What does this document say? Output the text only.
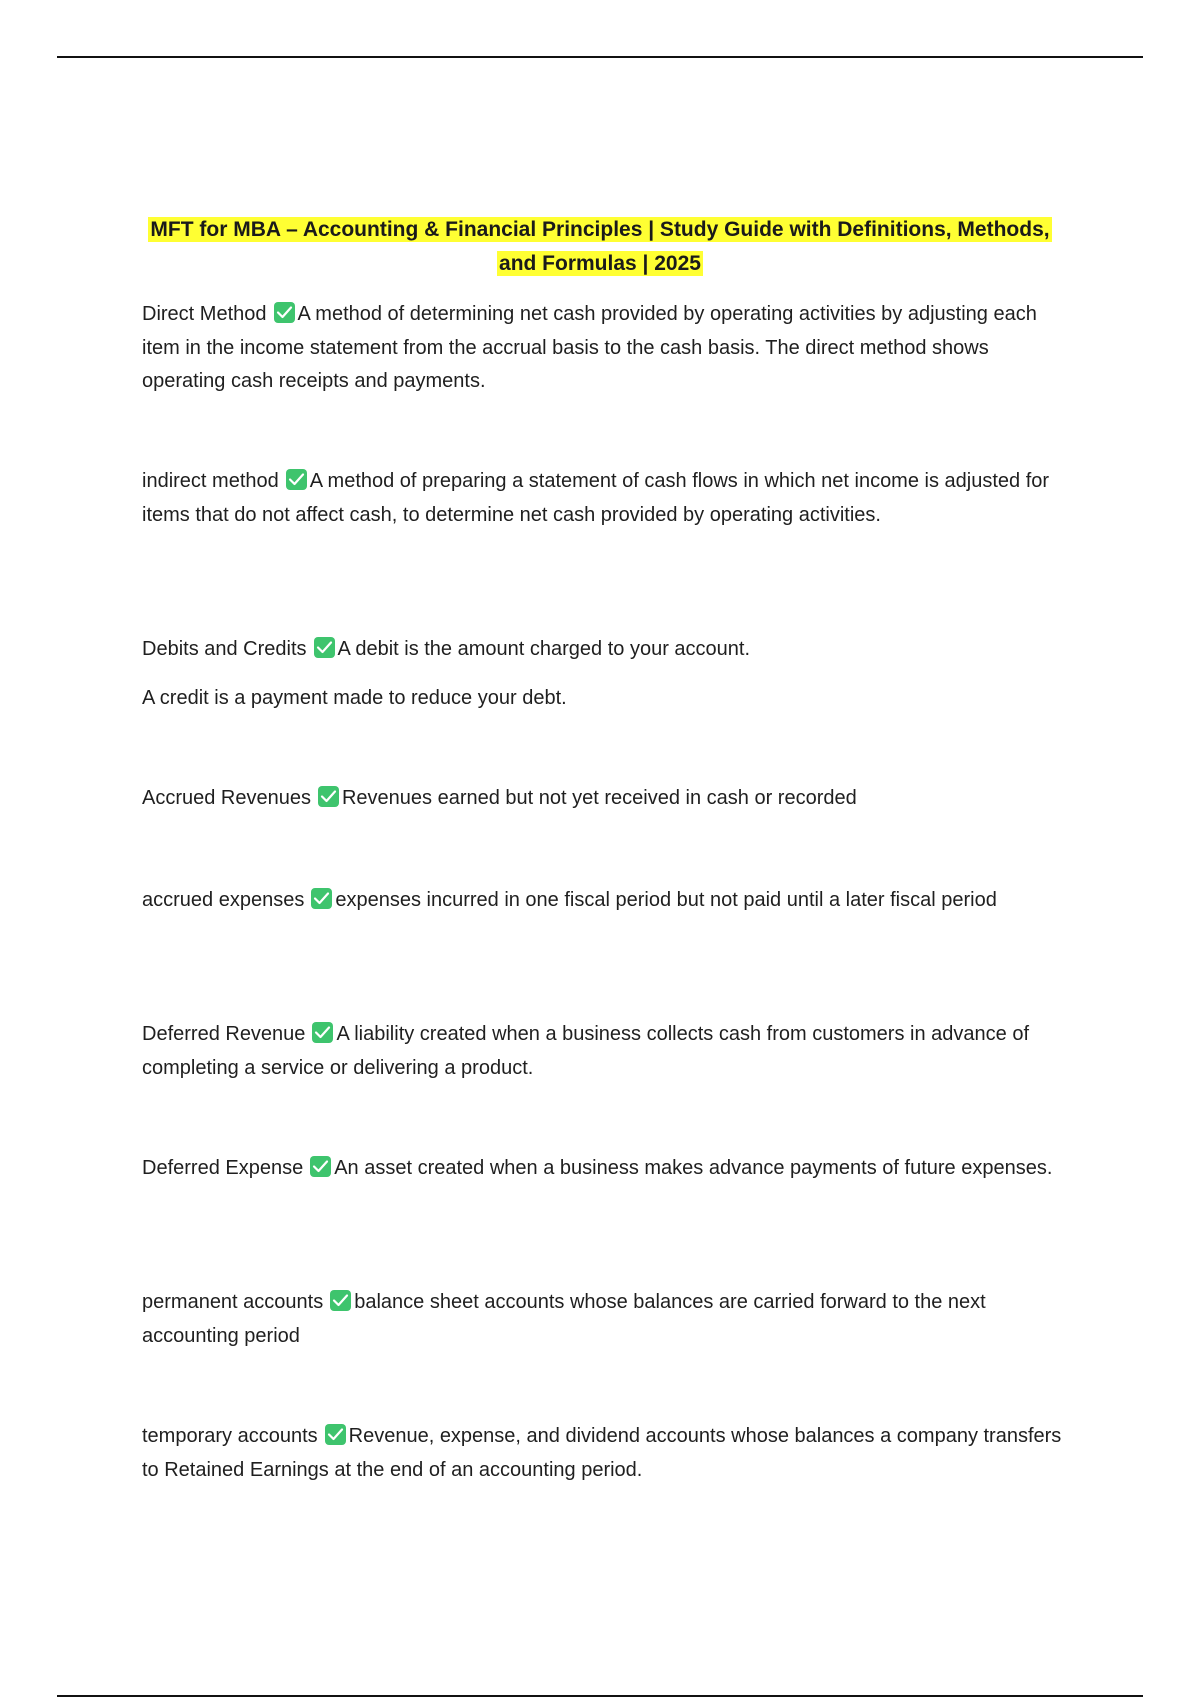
MFT for MBA – Accounting & Financial Principles | Study Guide with Definitions, Methods,
and Formulas | 2025
Direct Method A method of determining net cash provided by operating activities by adjusting each item in the income statement from the accrual basis to the cash basis. The direct method shows operating cash receipts and payments.
indirect method A method of preparing a statement of cash flows in which net income is adjusted for items that do not affect cash, to determine net cash provided by operating activities.
Debits and Credits A debit is the amount charged to your account.
A credit is a payment made to reduce your debt.
Accrued Revenues Revenues earned but not yet received in cash or recorded
accrued expenses expenses incurred in one fiscal period but not paid until a later fiscal period
Deferred Revenue A liability created when a business collects cash from customers in advance of completing a service or delivering a product.
Deferred Expense An asset created when a business makes advance payments of future expenses.
permanent accounts balance sheet accounts whose balances are carried forward to the next accounting period
temporary accounts Revenue, expense, and dividend accounts whose balances a company transfers to Retained Earnings at the end of an accounting period.
